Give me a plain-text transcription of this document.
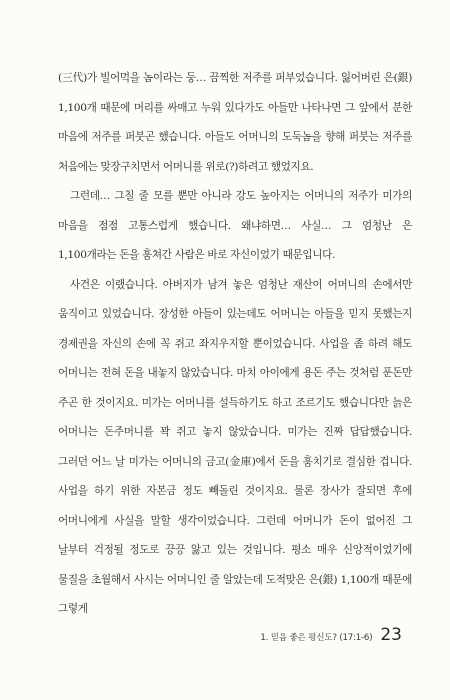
(三代)가 빌어먹을 놈이라는 둥… 끔찍한 저주를 퍼부었습니다. 잃어버린 은(銀) 1,100개 때문에 머리를 싸매고 누워 있다가도 아들만 나타나면 그 앞에서 분한 마음에 저주를 퍼붓곤 했습니다. 아들도 어머니의 도둑놈을 향해 퍼붓는 저주를 처음에는 맞장구치면서 어머니를 위로(?)하려고 했었지요.

그런데… 그칠 줄 모를 뿐만 아니라 강도 높아지는 어머니의 저주가 미가의 마음을 점점 고통스럽게 했습니다. 왜냐하면… 사실… 그 엄청난 은 1,100개라는 돈을 훔쳐간 사람은 바로 자신이었기 때문입니다.

사건은 이랬습니다. 아버지가 남겨 놓은 엄청난 재산이 어머니의 손에서만 움직이고 있었습니다. 장성한 아들이 있는데도 어머니는 아들을 믿지 못했는지 경제권을 자신의 손에 꼭 쥐고 좌지우지할 뿐이었습니다. 사업을 좀 하려 해도 어머니는 전혀 돈을 내놓지 않았습니다. 마치 아이에게 용돈 주는 것처럼 푼돈만 주곤 한 것이지요. 미가는 어머니를 설득하기도 하고 조르기도 했습니다만 늙은 어머니는 돈주머니를 꽉 쥐고 놓지 않았습니다. 미가는 진짜 답답했습니다. 그러던 어느 날 미가는 어머니의 금고(金庫)에서 돈을 훔치기로 결심한 겁니다. 사업을 하기 위한 자본금 정도 빼돌린 것이지요. 물론 장사가 잘되면 후에 어머니에게 사실을 말할 생각이었습니다. 그런데 어머니가 돈이 없어진 그 날부터 걱정될 정도로 끙끙 앓고 있는 것입니다. 평소 매우 신앙적이었기에 물질을 초월해서 사시는 어머니인 줄 알았는데 도적맞은 은(銀) 1,100개 때문에 그렇게

1. 믿음 좋은 평신도? (17:1-6) 23
